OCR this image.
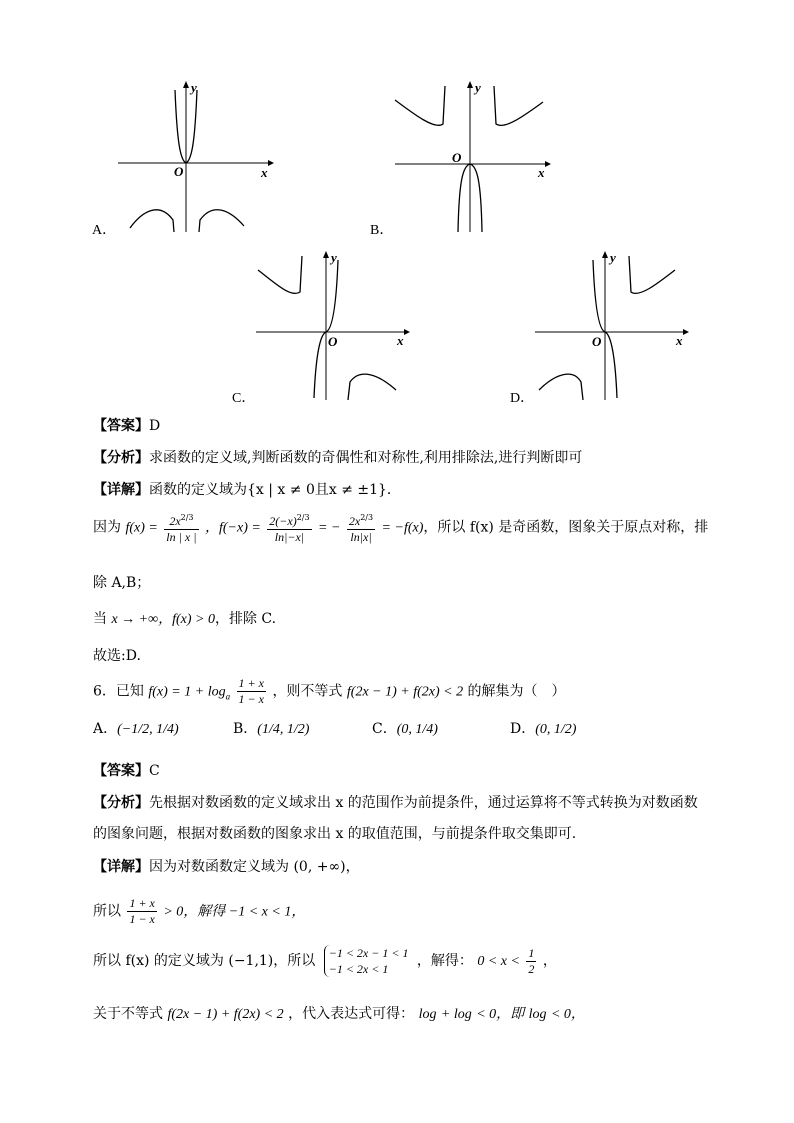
y
x
O
A．
y
x
O
B．
y
x
O
C．
y
x
O
D．
【答案】D
【分析】求函数的定义域,判断函数的奇偶性和对称性,利用排除法,进行判断即可
【详解】函数的定义域为{x | x ≠ 0且x ≠ ±1}．
因为 $f(x) = \frac{2x^{2/3}}{\ln | x |}$ ，$f(-x) = \frac{2(-x)^{2/3}}{\ln|-x|}$ = − $\frac{2x^{2/3}}{\ln|x|} = -f(x)$，所以 f(x) 是奇函数，图象关于原点对称，排
除 A,B；
当 x → +∞，f(x) > 0，排除 C.
故选:D.
6．已知 $f(x) = 1 + \log_a \frac{1 + x}{1 - x}$ ，则不等式 f(2x − 1) + f(2x) < 2 的解集为（　）
A．(−1/2, 1/4)	B．(1/4, 1/2)	C．(0, 1/4)	D．(0, 1/2)
【答案】C
【分析】先根据对数函数的定义域求出 x 的范围作为前提条件，通过运算将不等式转换为对数函数
的图象问题，根据对数函数的图象求出 x 的取值范围，与前提条件取交集即可.
【详解】因为对数函数定义域为 (0, +∞)，
所以 $\frac{1 + x}{1 - x} > 0$，解得 −1 < x < 1，
所以 f(x) 的定义域为 (−1,1)，所以 −1 < 2x − 1 < 1
−1 < 2x < 1	，解得： $0 < x < \frac{1}{2}$ ，
关于不等式 f(2x − 1) + f(2x) < 2 ，代入表达式可得： log + log < 0，即 log < 0，
